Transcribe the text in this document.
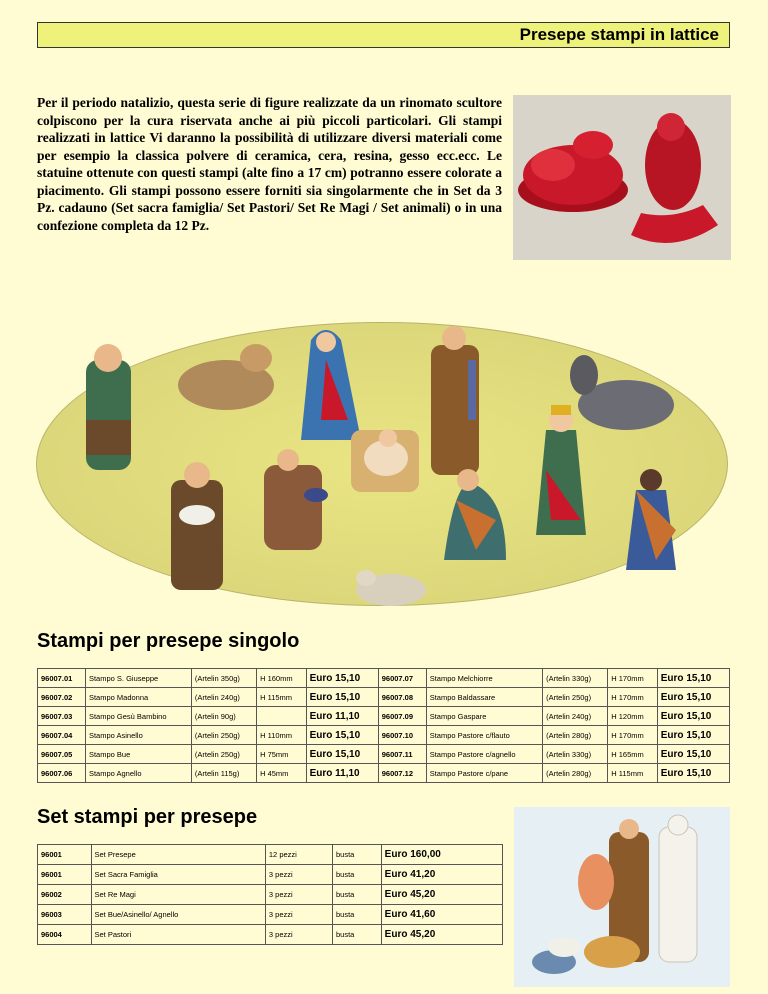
Presepe stampi in lattice

Per il periodo natalizio, questa serie di figure realizzate da un rinomato scultore colpiscono per la cura riservata anche ai più piccoli particolari. Gli stampi realizzati in lattice Vi daranno la possibilità di utilizzare diversi materiali come per esempio la classica polvere di ceramica, cera, resina, gesso ecc.ecc. Le statuine ottenute con questi stampi (alte fino a 17 cm) potranno essere colorate a piacimento. Gli stampi possono essere forniti sia singolarmente che in Set da 3 Pz. cadauno (Set sacra famiglia/ Set Pastori/ Set Re Magi / Set animali) o in una confezione completa da 12 Pz.

Stampi per presepe singolo
96007.01	Stampo S. Giuseppe	(Artelin 350g)	H 160mm	Euro 15,10	96007.07	Stampo Melchiorre	(Artelin 330g)	H 170mm	Euro 15,10
96007.02	Stampo Madonna	(Artelin 240g)	H 115mm	Euro 15,10	96007.08	Stampo Baldassare	(Artelin 250g)	H 170mm	Euro 15,10
96007.03	Stampo Gesù Bambino	(Artelin 90g)		Euro 11,10	96007.09	Stampo Gaspare	(Artelin 240g)	H 120mm	Euro 15,10
96007.04	Stampo Asinello	(Artelin 250g)	H 110mm	Euro 15,10	96007.10	Stampo Pastore c/flauto	(Artelin 280g)	H 170mm	Euro 15,10
96007.05	Stampo Bue	(Artelin 250g)	H 75mm	Euro 15,10	96007.11	Stampo Pastore c/agnello	(Artelin 330g)	H 165mm	Euro 15,10
96007.06	Stampo Agnello	(Artelin 115g)	H 45mm	Euro 11,10	96007.12	Stampo Pastore c/pane	(Artelin 280g)	H 115mm	Euro 15,10
Set stampi per presepe
96001	Set Presepe	12 pezzi	busta	Euro 160,00
96001	Set Sacra Famiglia	3 pezzi	busta	Euro 41,20
96002	Set Re Magi	3 pezzi	busta	Euro 45,20
96003	Set Bue/Asinello/ Agnello	3 pezzi	busta	Euro 41,60
96004	Set Pastori	3 pezzi	busta	Euro 45,20
